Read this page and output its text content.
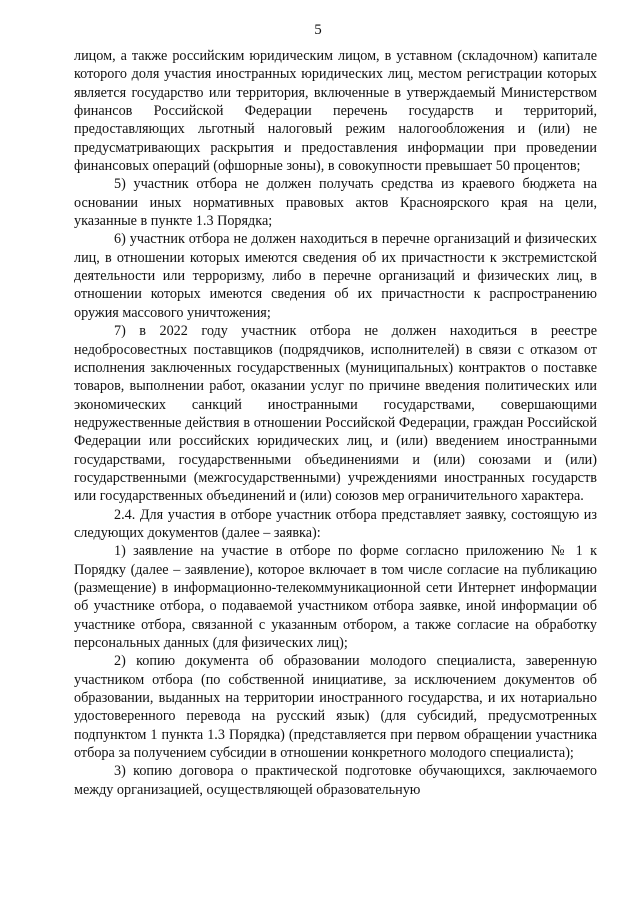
5

лицом, а также российским юридическим лицом, в уставном (складочном) капитале которого доля участия иностранных юридических лиц, местом регистрации которых является государство или территория, включенные в утверждаемый Министерством финансов Российской Федерации перечень государств и территорий, предоставляющих льготный налоговый режим налогообложения и (или) не предусматривающих раскрытия и предоставления информации при проведении финансовых операций (офшорные зоны), в совокупности превышает 50 процентов;

5) участник отбора не должен получать средства из краевого бюджета на основании иных нормативных правовых актов Красноярского края на цели, указанные в пункте 1.3 Порядка;

6) участник отбора не должен находиться в перечне организаций и физических лиц, в отношении которых имеются сведения об их причастности к экстремистской деятельности или терроризму, либо в перечне организаций и физических лиц, в отношении которых имеются сведения об их причастности к распространению оружия массового уничтожения;

7) в 2022 году участник отбора не должен находиться в реестре недобросовестных поставщиков (подрядчиков, исполнителей) в связи с отказом от исполнения заключенных государственных (муниципальных) контрактов о поставке товаров, выполнении работ, оказании услуг по причине введения политических или экономических санкций иностранными государствами, совершающими недружественные действия в отношении Российской Федерации, граждан Российской Федерации или российских юридических лиц, и (или) введением иностранными государствами, государственными объединениями и (или) союзами и (или) государственными (межгосударственными) учреждениями иностранных государств или государственных объединений и (или) союзов мер ограничительного характера.

2.4. Для участия в отборе участник отбора представляет заявку, состоящую из следующих документов (далее – заявка):

1) заявление на участие в отборе по форме согласно приложению № 1 к Порядку (далее – заявление), которое включает в том числе согласие на публикацию (размещение) в информационно-телекоммуникационной сети Интернет информации об участнике отбора, о подаваемой участником отбора заявке, иной информации об участнике отбора, связанной с указанным отбором, а также согласие на обработку персональных данных (для физических лиц);

2) копию документа об образовании молодого специалиста, заверенную участником отбора (по собственной инициативе, за исключением документов об образовании, выданных на территории иностранного государства, и их нотариально удостоверенного перевода на русский язык) (для субсидий, предусмотренных подпунктом 1 пункта 1.3 Порядка) (представляется при первом обращении участника отбора за получением субсидии в отношении конкретного молодого специалиста);

3) копию договора о практической подготовке обучающихся, заключаемого между организацией, осуществляющей образовательную
